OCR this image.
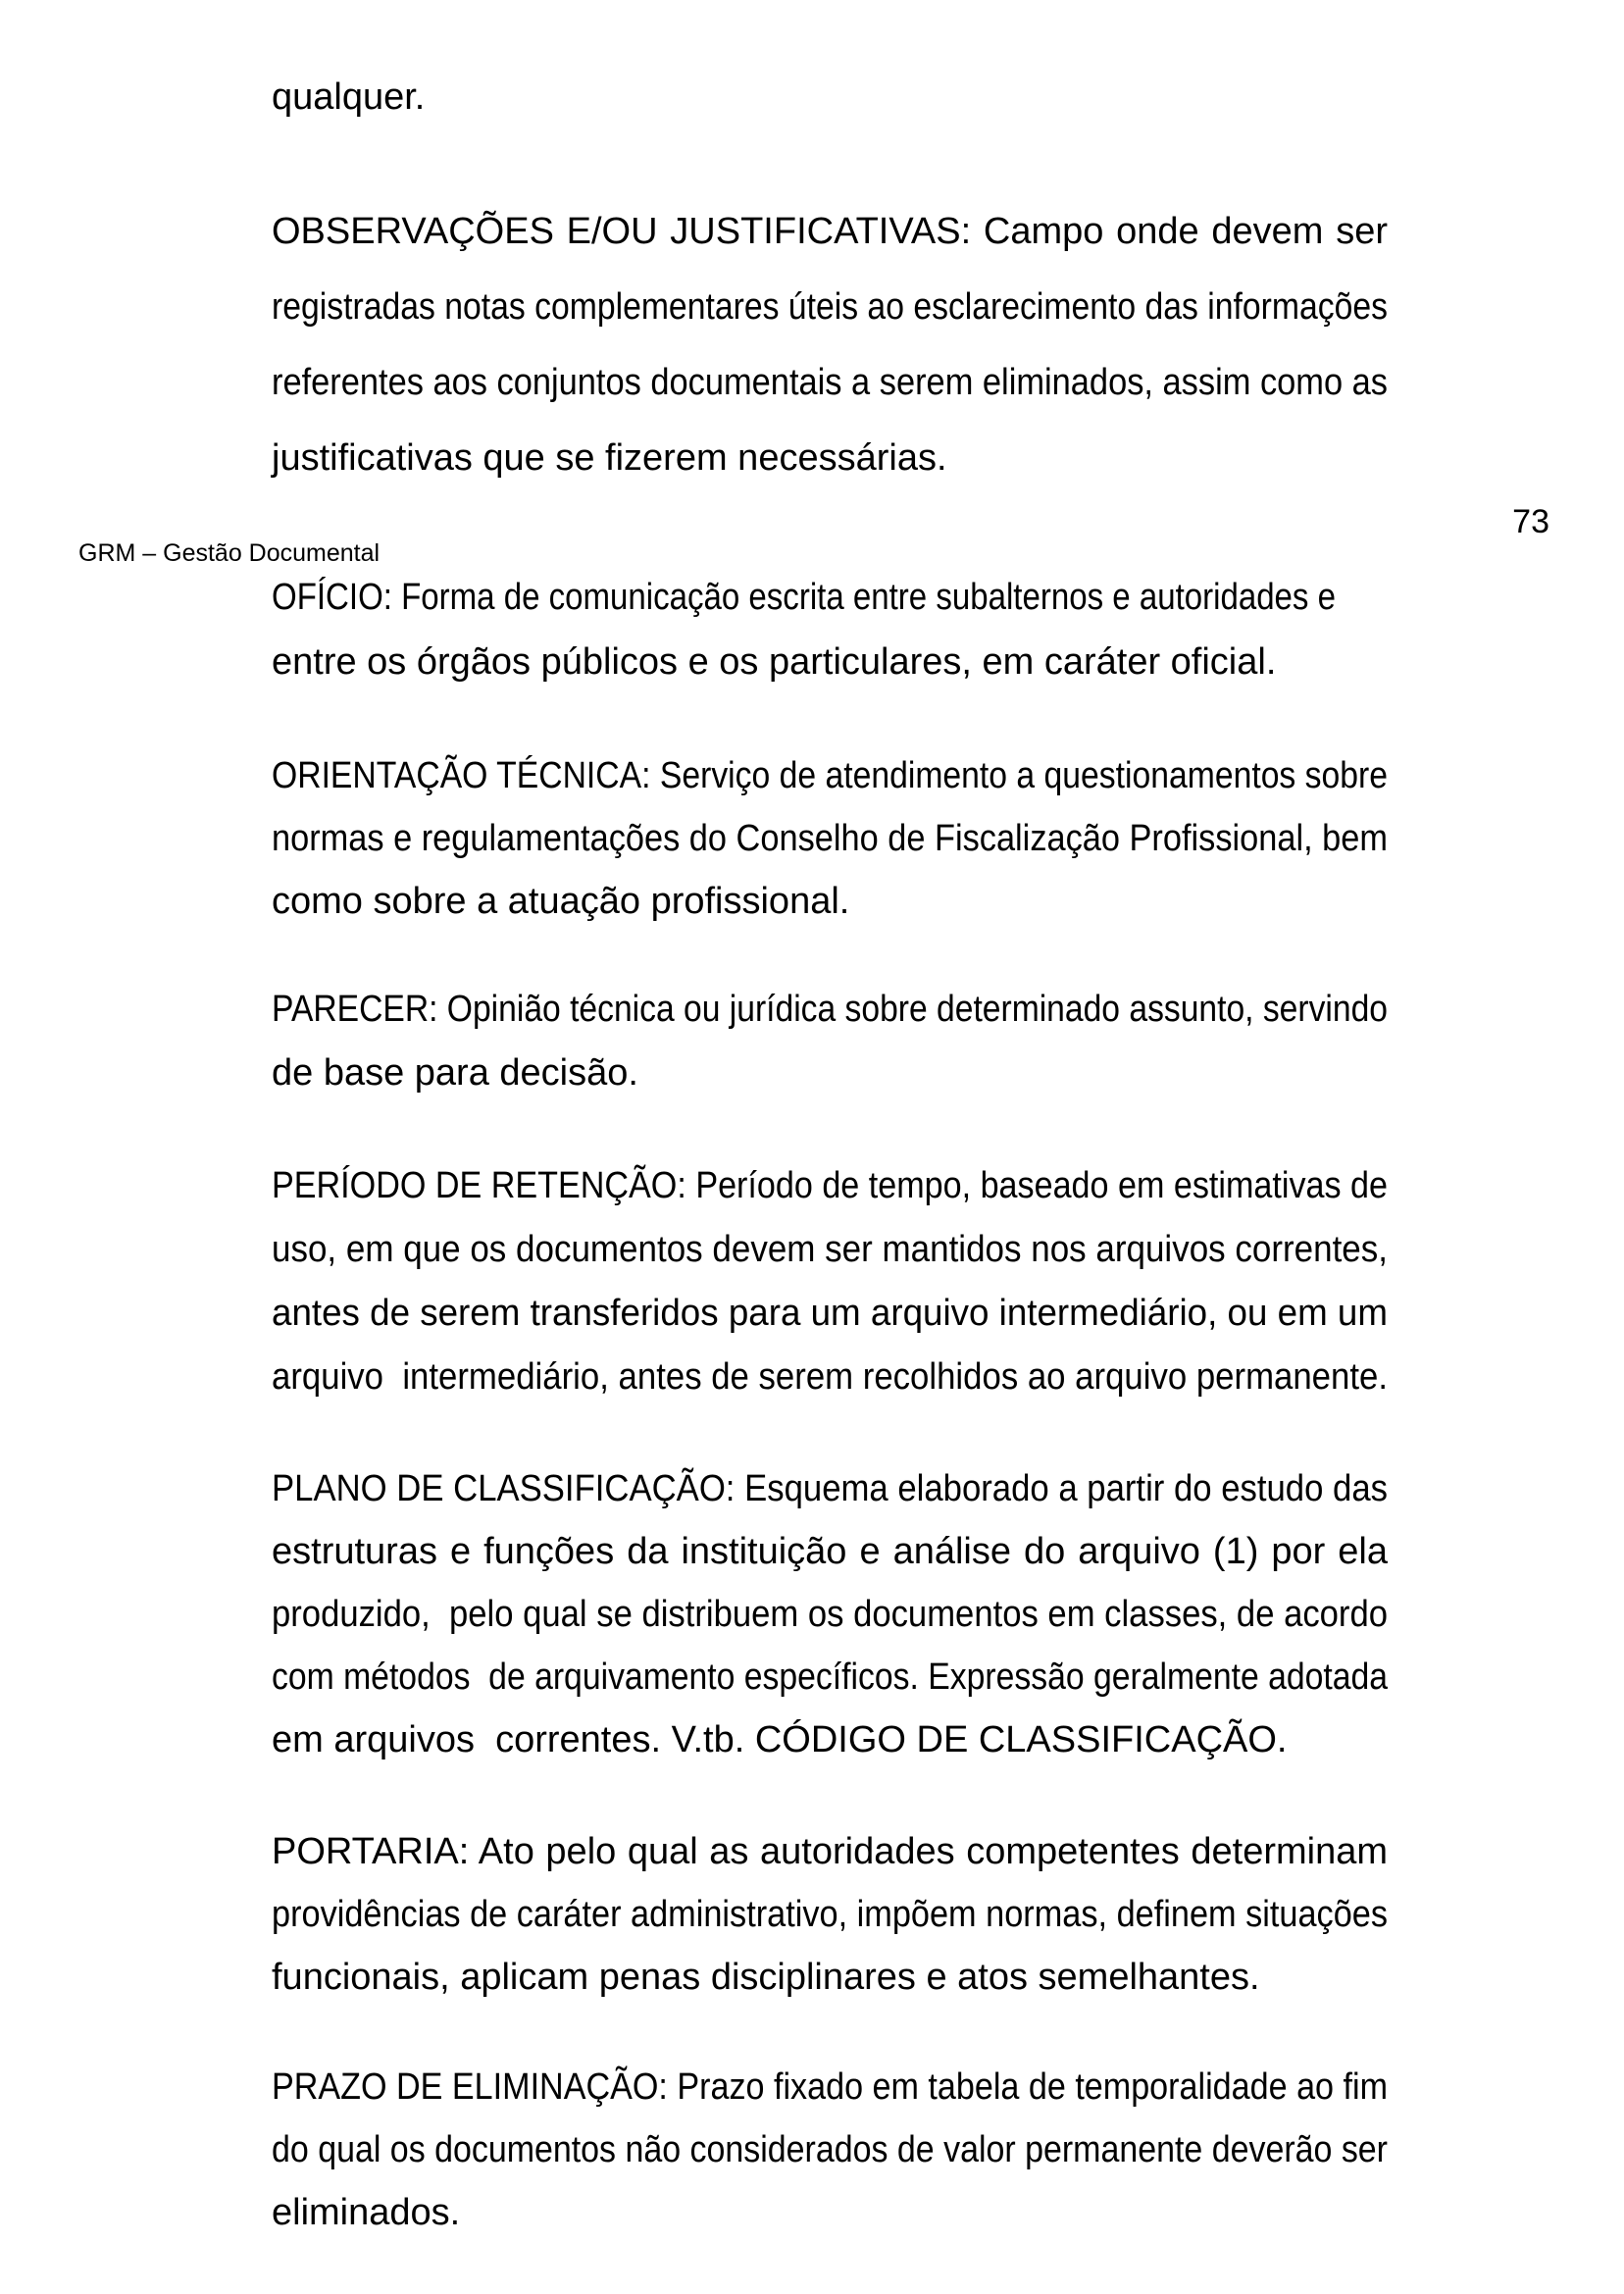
73
GRM – Gestão Documental
qualquer.
OBSERVAÇÕES E/OU JUSTIFICATIVAS: Campo onde devem ser
registradas notas complementares úteis ao esclarecimento das informações
referentes aos conjuntos documentais a serem eliminados, assim como as
justificativas que se fizerem necessárias.
OFÍCIO: Forma de comunicação escrita entre subalternos e autoridades e
entre os órgãos públicos e os particulares, em caráter oficial.
ORIENTAÇÃO TÉCNICA: Serviço de atendimento a questionamentos sobre
normas e regulamentações do Conselho de Fiscalização Profissional, bem
como sobre a atuação profissional.
PARECER: Opinião técnica ou jurídica sobre determinado assunto, servindo
de base para decisão.
PERÍODO DE RETENÇÃO: Período de tempo, baseado em estimativas de
uso, em que os documentos devem ser mantidos nos arquivos correntes,
antes de serem transferidos para um arquivo intermediário, ou em um
arquivo  intermediário, antes de serem recolhidos ao arquivo permanente.
PLANO DE CLASSIFICAÇÃO: Esquema elaborado a partir do estudo das
estruturas e funções da instituição e análise do arquivo (1) por ela
produzido,  pelo qual se distribuem os documentos em classes, de acordo
com métodos  de arquivamento específicos. Expressão geralmente adotada
em arquivos  correntes. V.tb. CÓDIGO DE CLASSIFICAÇÃO.
PORTARIA: Ato pelo qual as autoridades competentes determinam
providências de caráter administrativo, impõem normas, definem situações
funcionais, aplicam penas disciplinares e atos semelhantes.
PRAZO DE ELIMINAÇÃO: Prazo fixado em tabela de temporalidade ao fim
do qual os documentos não considerados de valor permanente deverão ser
eliminados.
